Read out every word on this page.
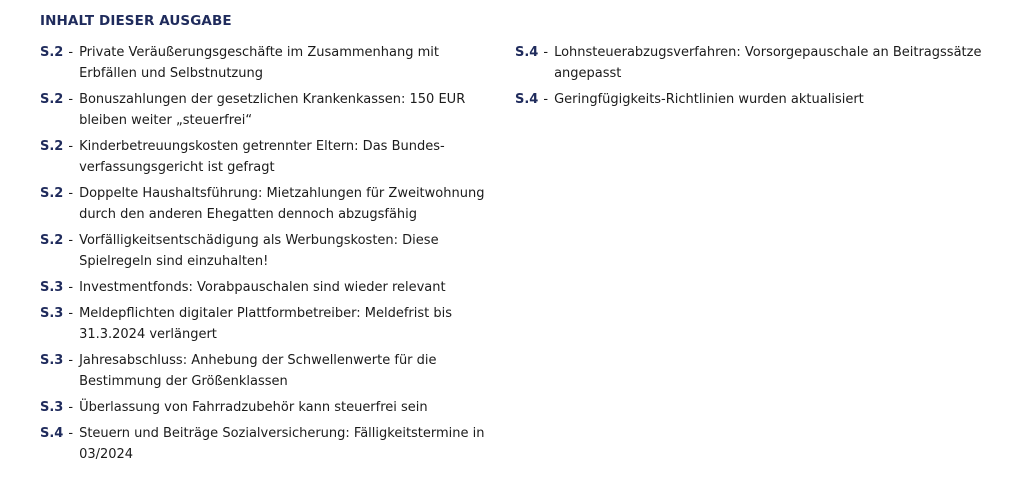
INHALT DIESER AUSGABE
S.2 - Private Veräußerungsgeschäfte im Zusammenhang mit Erbfällen und Selbstnutzung
S.2 - Bonuszahlungen der gesetzlichen Krankenkassen: 150 EUR bleiben weiter „steuerfrei“
S.2 - Kinderbetreuungskosten getrennter Eltern: Das Bundes-verfassungsgericht ist gefragt
S.2 - Doppelte Haushaltsführung: Mietzahlungen für Zweitwohnung durch den anderen Ehegatten dennoch abzugsfähig
S.2 - Vorfälligkeitsentschädigung als Werbungskosten: Diese Spielregeln sind einzuhalten!
S.3 - Investmentfonds: Vorabpauschalen sind wieder relevant
S.3 - Meldepflichten digitaler Plattformbetreiber: Meldefrist bis 31.3.2024 verlängert
S.3 - Jahresabschluss: Anhebung der Schwellenwerte für die Bestimmung der Größenklassen
S.3 - Überlassung von Fahrradzubehör kann steuerfrei sein
S.4 - Steuern und Beiträge Sozialversicherung: Fälligkeitstermine in 03/2024
S.4 - Lohnsteuerabzugsverfahren: Vorsorgepauschale an Beitragssätze angepasst
S.4 - Geringfügigkeits-Richtlinien wurden aktualisiert
